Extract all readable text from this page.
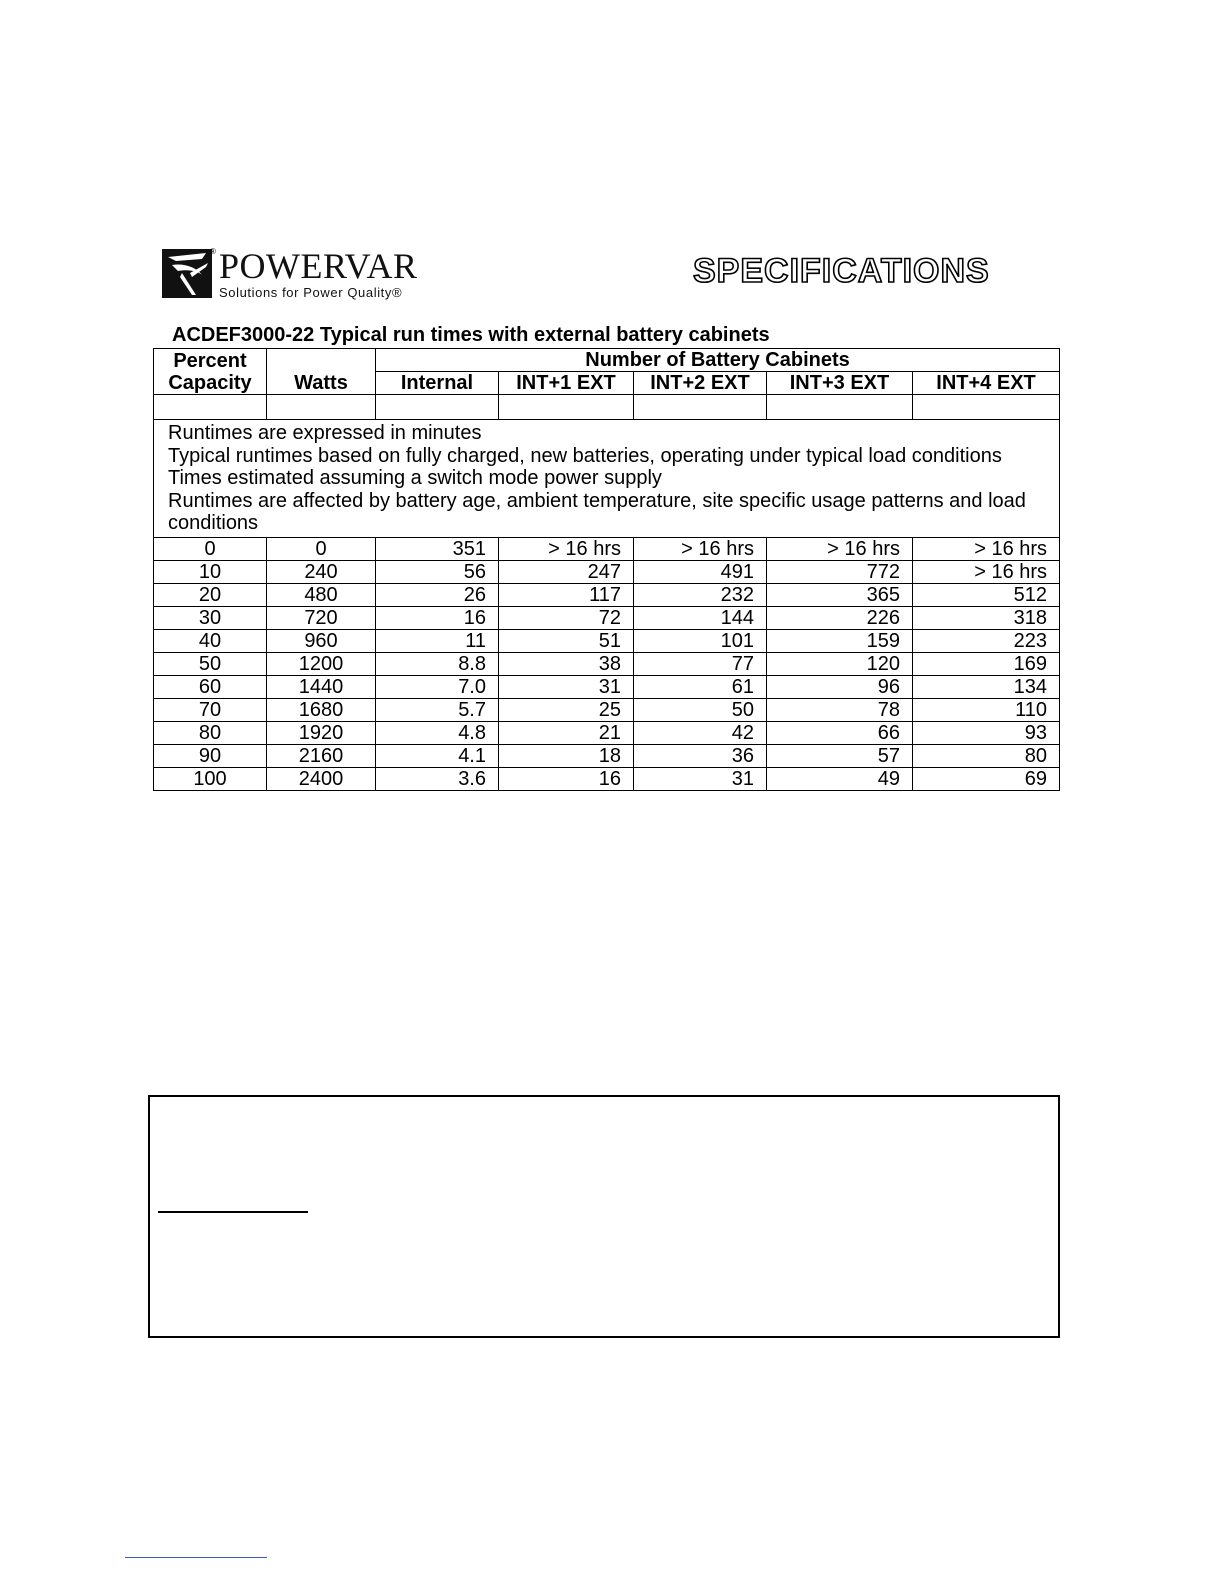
® POWERVAR
Solutions for Power Quality®
SPECIFICATIONS
ACDEF3000-22 Typical run times with external battery cabinets
Percent
Capacity	Watts	Number of Battery Cabinets				
		Internal	INT+1 EXT	INT+2 EXT	INT+3 EXT	INT+4 EXT

Runtimes are expressed in minutes
Typical runtimes based on fully charged, new batteries, operating under typical load conditions
Times estimated assuming a switch mode power supply
Runtimes are affected by battery age, ambient temperature, site specific usage patterns and load conditions						

0	0	351	> 16 hrs	> 16 hrs	> 16 hrs	> 16 hrs
10	240	56	247	491	772	> 16 hrs
20	480	26	117	232	365	512
30	720	16	72	144	226	318
40	960	11	51	101	159	223
50	1200	8.8	38	77	120	169
60	1440	7.0	31	61	96	134
70	1680	5.7	25	50	78	110
80	1920	4.8	21	42	66	93
90	2160	4.1	18	36	57	80
100	2400	3.6	16	31	49	69
